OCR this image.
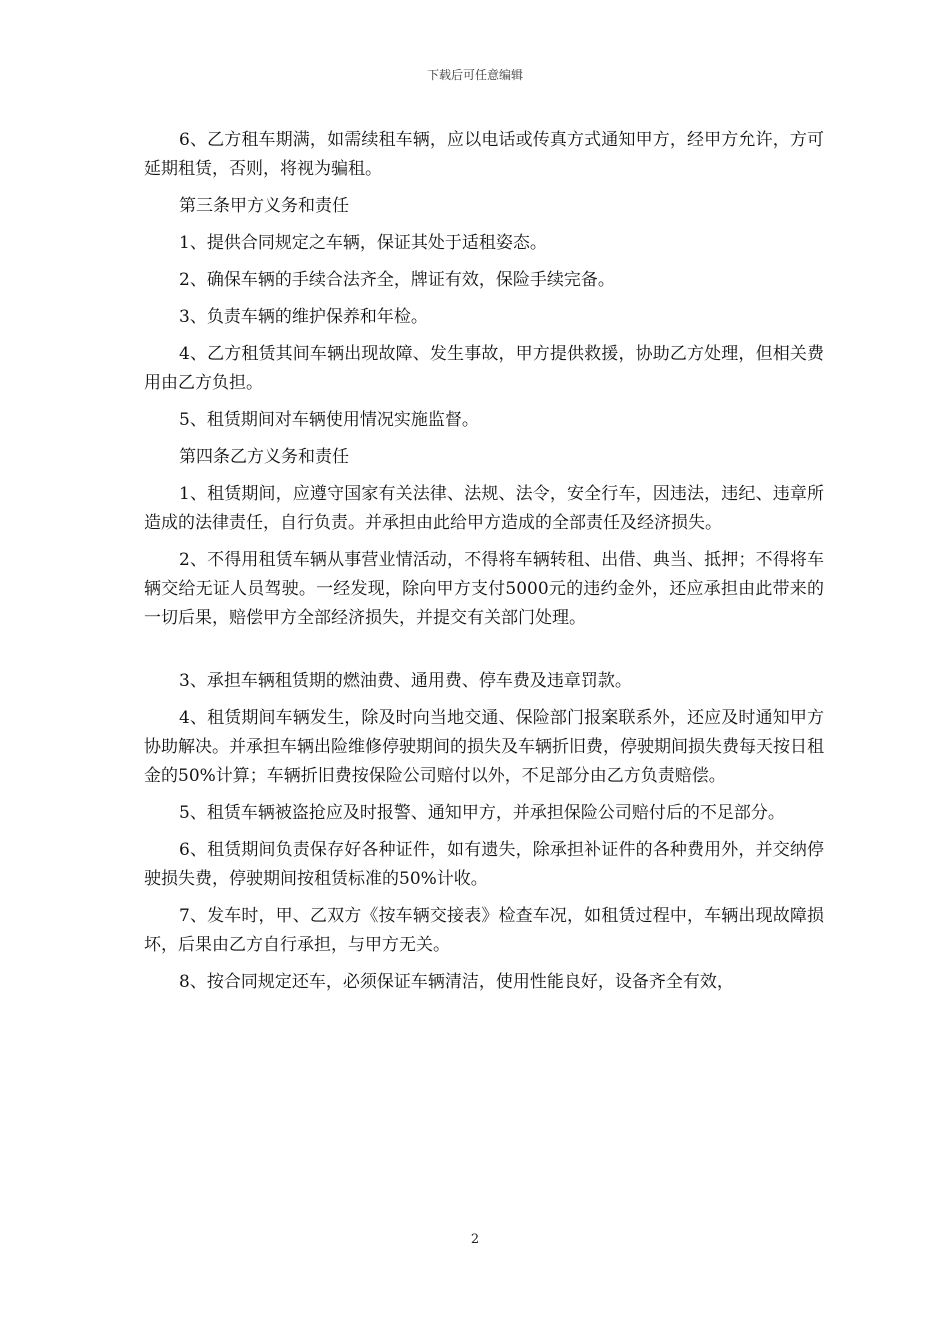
下载后可任意编辑

6、乙方租车期满，如需续租车辆，应以电话或传真方式通知甲方，经甲方允许，方可延期租赁，否则，将视为骗租。

第三条甲方义务和责任

1、提供合同规定之车辆，保证其处于适租姿态。

2、确保车辆的手续合法齐全，牌证有效，保险手续完备。

3、负责车辆的维护保养和年检。

4、乙方租赁其间车辆出现故障、发生事故，甲方提供救援，协助乙方处理，但相关费用由乙方负担。

5、租赁期间对车辆使用情况实施监督。

第四条乙方义务和责任

1、租赁期间，应遵守国家有关法律、法规、法令，安全行车，因违法，违纪、违章所造成的法律责任，自行负责。并承担由此给甲方造成的全部责任及经济损失。

2、不得用租赁车辆从事营业情活动，不得将车辆转租、出借、典当、抵押；不得将车辆交给无证人员驾驶。一经发现，除向甲方支付5000元的违约金外，还应承担由此带来的一切后果，赔偿甲方全部经济损失，并提交有关部门处理。

3、承担车辆租赁期的燃油费、通用费、停车费及违章罚款。

4、租赁期间车辆发生，除及时向当地交通、保险部门报案联系外，还应及时通知甲方协助解决。并承担车辆出险维修停驶期间的损失及车辆折旧费，停驶期间损失费每天按日租金的50%计算；车辆折旧费按保险公司赔付以外，不足部分由乙方负责赔偿。

5、租赁车辆被盗抢应及时报警、通知甲方，并承担保险公司赔付后的不足部分。

6、租赁期间负责保存好各种证件，如有遗失，除承担补证件的各种费用外，并交纳停驶损失费，停驶期间按租赁标准的50%计收。

7、发车时，甲、乙双方《按车辆交接表》检查车况，如租赁过程中，车辆出现故障损坏，后果由乙方自行承担，与甲方无关。

8、按合同规定还车，必须保证车辆清洁，使用性能良好，设备齐全有效，

2
